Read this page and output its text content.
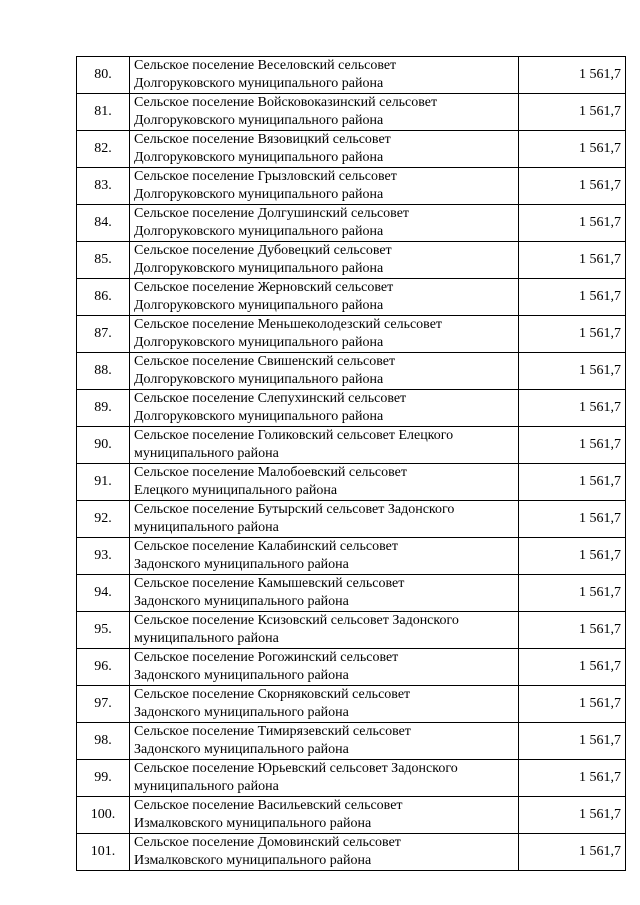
80.	Сельское поселение Веселовский сельсовет
Долгоруковского муниципального района	1 561,7
81.	Сельское поселение Войсковоказинский сельсовет
Долгоруковского муниципального района	1 561,7
82.	Сельское поселение Вязовицкий сельсовет
Долгоруковского муниципального района	1 561,7
83.	Сельское поселение Грызловский сельсовет
Долгоруковского муниципального района	1 561,7
84.	Сельское поселение Долгушинский сельсовет
Долгоруковского муниципального района	1 561,7
85.	Сельское поселение Дубовецкий сельсовет
Долгоруковского муниципального района	1 561,7
86.	Сельское поселение Жерновский сельсовет
Долгоруковского муниципального района	1 561,7
87.	Сельское поселение Меньшеколодезский сельсовет
Долгоруковского муниципального района	1 561,7
88.	Сельское поселение Свишенский сельсовет
Долгоруковского муниципального района	1 561,7
89.	Сельское поселение Слепухинский сельсовет
Долгоруковского муниципального района	1 561,7
90.	Сельское поселение Голиковский сельсовет Елецкого
муниципального района	1 561,7
91.	Сельское поселение Малобоевский сельсовет
Елецкого муниципального района	1 561,7
92.	Сельское поселение Бутырский сельсовет Задонского
муниципального района	1 561,7
93.	Сельское поселение Калабинский сельсовет
Задонского муниципального района	1 561,7
94.	Сельское поселение Камышевский сельсовет
Задонского муниципального района	1 561,7
95.	Сельское поселение Ксизовский сельсовет Задонского
муниципального района	1 561,7
96.	Сельское поселение Рогожинский сельсовет
Задонского муниципального района	1 561,7
97.	Сельское поселение Скорняковский сельсовет
Задонского муниципального района	1 561,7
98.	Сельское поселение Тимирязевский сельсовет
Задонского муниципального района	1 561,7
99.	Сельское поселение Юрьевский сельсовет Задонского
муниципального района	1 561,7
100.	Сельское поселение Васильевский сельсовет
Измалковского муниципального района	1 561,7
101.	Сельское поселение Домовинский сельсовет
Измалковского муниципального района	1 561,7
